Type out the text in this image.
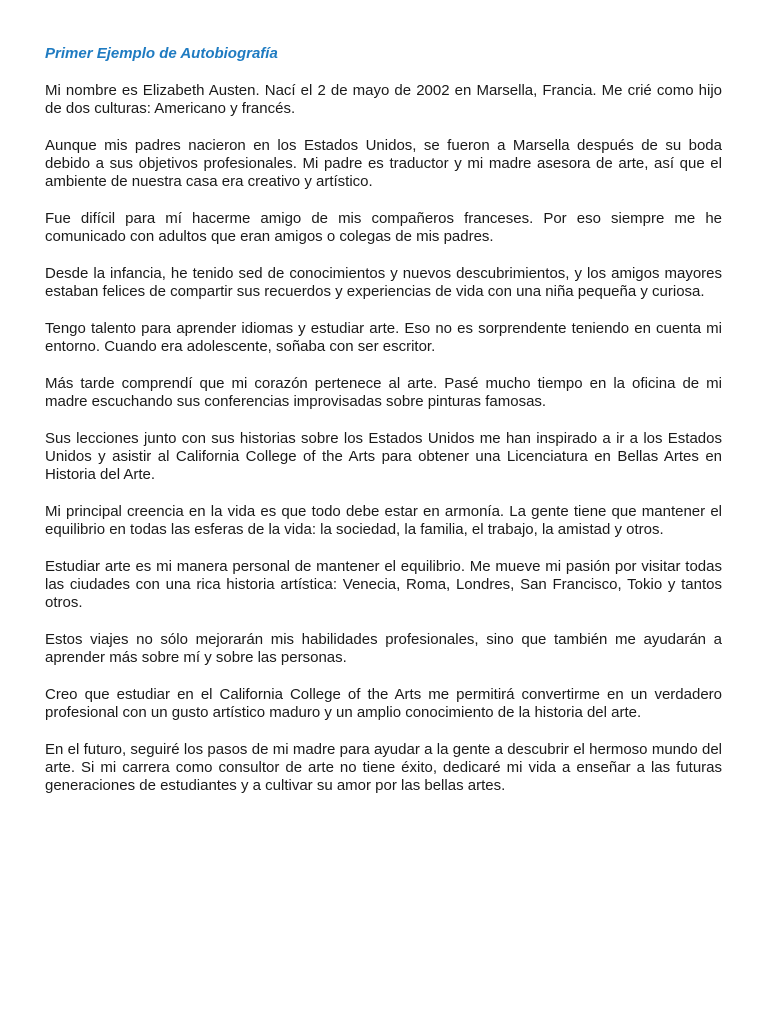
Primer Ejemplo de Autobiografía

Mi nombre es Elizabeth Austen. Nací el 2 de mayo de 2002 en Marsella, Francia. Me crié como hijo de dos culturas: Americano y francés.

Aunque mis padres nacieron en los Estados Unidos, se fueron a Marsella después de su boda debido a sus objetivos profesionales. Mi padre es traductor y mi madre asesora de arte, así que el ambiente de nuestra casa era creativo y artístico.

Fue difícil para mí hacerme amigo de mis compañeros franceses. Por eso siempre me he comunicado con adultos que eran amigos o colegas de mis padres.

Desde la infancia, he tenido sed de conocimientos y nuevos descubrimientos, y los amigos mayores estaban felices de compartir sus recuerdos y experiencias de vida con una niña pequeña y curiosa.

Tengo talento para aprender idiomas y estudiar arte. Eso no es sorprendente teniendo en cuenta mi entorno. Cuando era adolescente, soñaba con ser escritor.

Más tarde comprendí que mi corazón pertenece al arte. Pasé mucho tiempo en la oficina de mi madre escuchando sus conferencias improvisadas sobre pinturas famosas.

Sus lecciones junto con sus historias sobre los Estados Unidos me han inspirado a ir a los Estados Unidos y asistir al California College of the Arts para obtener una Licenciatura en Bellas Artes en Historia del Arte.

Mi principal creencia en la vida es que todo debe estar en armonía. La gente tiene que mantener el equilibrio en todas las esferas de la vida: la sociedad, la familia, el trabajo, la amistad y otros.

Estudiar arte es mi manera personal de mantener el equilibrio. Me mueve mi pasión por visitar todas las ciudades con una rica historia artística: Venecia, Roma, Londres, San Francisco, Tokio y tantos otros.

Estos viajes no sólo mejorarán mis habilidades profesionales, sino que también me ayudarán a aprender más sobre mí y sobre las personas.

Creo que estudiar en el California College of the Arts me permitirá convertirme en un verdadero profesional con un gusto artístico maduro y un amplio conocimiento de la historia del arte.

En el futuro, seguiré los pasos de mi madre para ayudar a la gente a descubrir el hermoso mundo del arte. Si mi carrera como consultor de arte no tiene éxito, dedicaré mi vida a enseñar a las futuras generaciones de estudiantes y a cultivar su amor por las bellas artes.
